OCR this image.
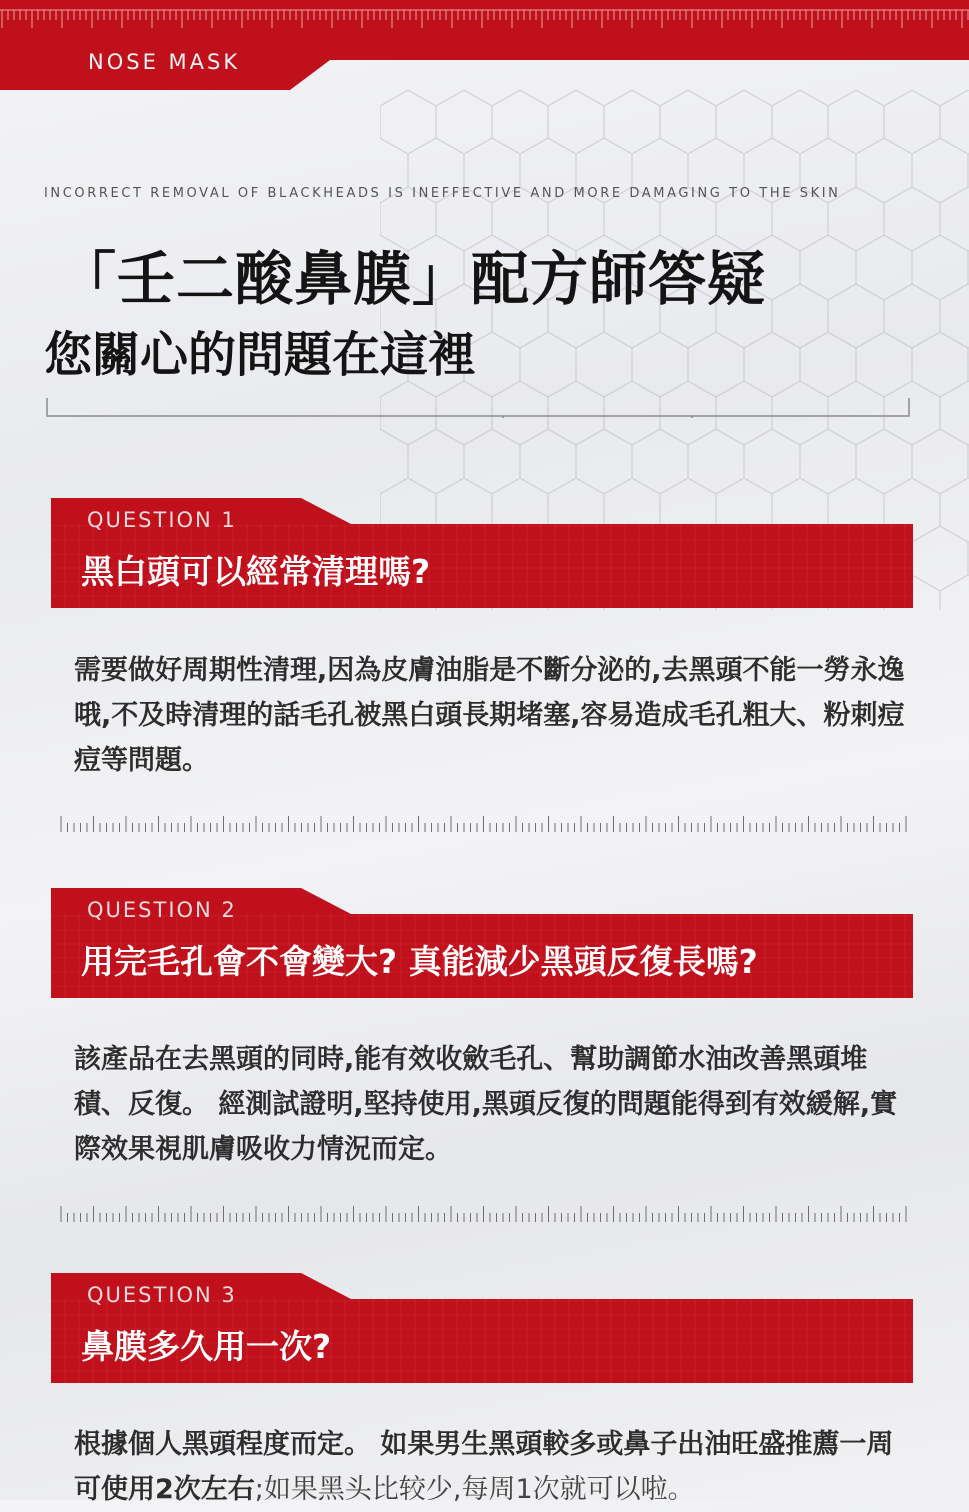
NOSE MASK
INCORRECT REMOVAL OF BLACKHEADS IS INEFFECTIVE AND MORE DAMAGING TO THE SKIN
「壬二酸鼻膜」配方師答疑
您關心的問題在這裡
QUESTION 1
黑白頭可以經常清理嗎?
需要做好周期性清理,因為皮膚油脂是不斷分泌的,去黑頭不能一勞永逸哦,不及時清理的話毛孔被黑白頭長期堵塞,容易造成毛孔粗大、粉刺痘痘等問題。
QUESTION 2
用完毛孔會不會變大? 真能減少黑頭反復長嗎?
該產品在去黑頭的同時,能有效收斂毛孔、幫助調節水油改善黑頭堆積、反復。 經測試證明,堅持使用,黑頭反復的問題能得到有效緩解,實際效果視肌膚吸收力情況而定。
QUESTION 3
鼻膜多久用一次?
根據個人黑頭程度而定。 如果男生黑頭較多或鼻子出油旺盛推薦一周可使用2次左右;如果黑头比较少,每周1次就可以啦。
